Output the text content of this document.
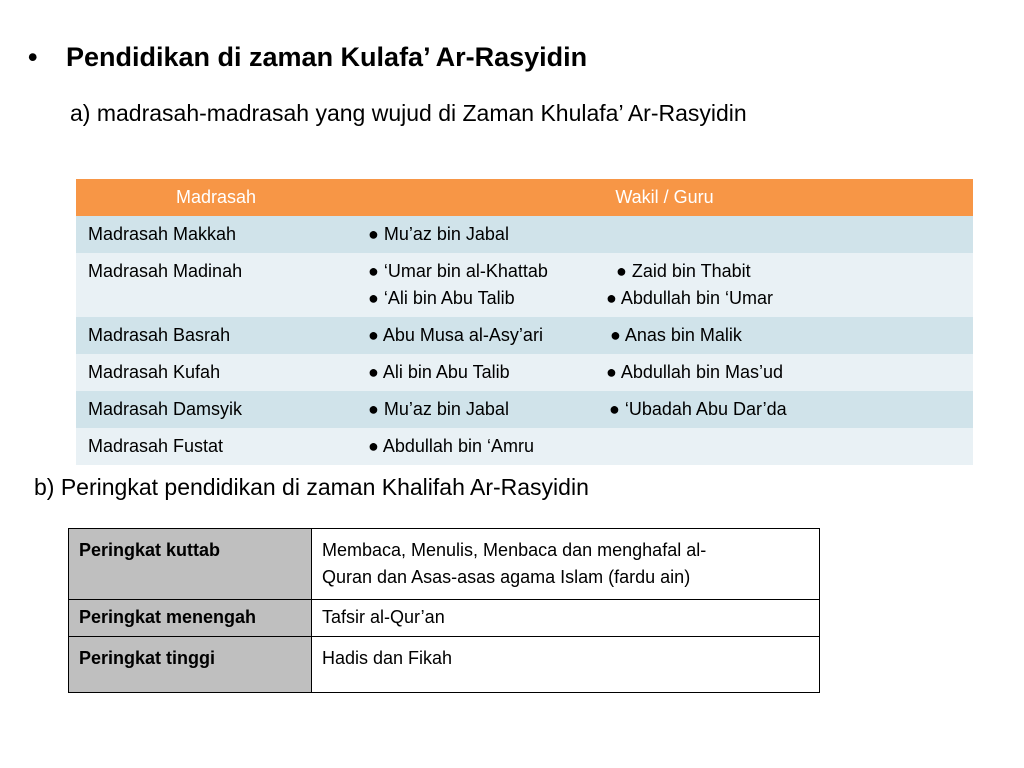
• Pendidikan di zaman Kulafa’ Ar-Rasyidin
a) madrasah-madrasah yang wujud di Zaman Khulafa’ Ar-Rasyidin
Madrasah	Wakil / Guru
Madrasah Makkah	● Mu’az bin Jabal
Madrasah Madinah	● ‘Umar bin al-Khattab ● Zaid bin Thabit
● ‘Ali bin Abu Talib ● Abdullah bin ‘Umar
Madrasah Basrah	● Abu Musa al-Asy’ari ● Anas bin Malik
Madrasah Kufah	● Ali bin Abu Talib ● Abdullah bin Mas’ud
Madrasah Damsyik	● Mu’az bin Jabal ● ‘Ubadah Abu Dar’da
Madrasah Fustat	● Abdullah bin ‘Amru
b) Peringkat pendidikan di zaman Khalifah Ar-Rasyidin
Peringkat kuttab	Membaca, Menulis, Menbaca dan menghafal al-
Quran dan Asas-asas agama Islam (fardu ain)
Peringkat menengah	Tafsir al-Qur’an
Peringkat tinggi	Hadis dan Fikah
